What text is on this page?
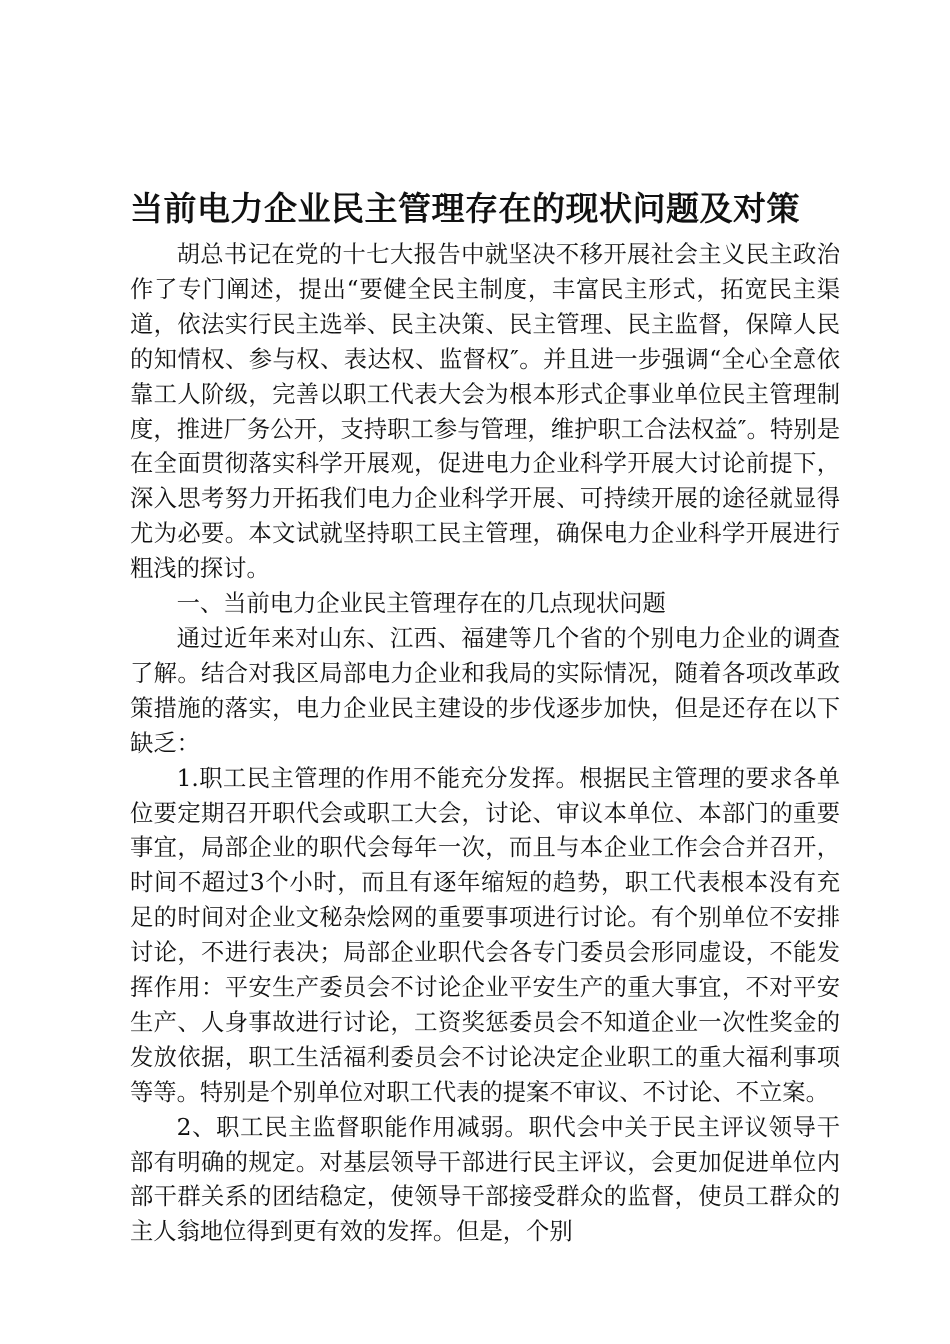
当前电力企业民主管理存在的现状问题及对策

胡总书记在党的十七大报告中就坚决不移开展社会主义民主政治作了专门阐述，提出“要健全民主制度，丰富民主形式，拓宽民主渠道，依法实行民主选举、民主决策、民主管理、民主监督，保障人民的知情权、参与权、表达权、监督权″。并且进一步强调“全心全意依靠工人阶级，完善以职工代表大会为根本形式企事业单位民主管理制度，推进厂务公开，支持职工参与管理，维护职工合法权益″。特别是在全面贯彻落实科学开展观，促进电力企业科学开展大讨论前提下，深入思考努力开拓我们电力企业科学开展、可持续开展的途径就显得尤为必要。本文试就坚持职工民主管理，确保电力企业科学开展进行粗浅的探讨。

一、当前电力企业民主管理存在的几点现状问题

通过近年来对山东、江西、福建等几个省的个别电力企业的调查了解。结合对我区局部电力企业和我局的实际情况，随着各项改革政策措施的落实，电力企业民主建设的步伐逐步加快，但是还存在以下缺乏：

1.职工民主管理的作用不能充分发挥。根据民主管理的要求各单位要定期召开职代会或职工大会，讨论、审议本单位、本部门的重要事宜，局部企业的职代会每年一次，而且与本企业工作会合并召开，时间不超过3个小时，而且有逐年缩短的趋势，职工代表根本没有充足的时间对企业文秘杂烩网的重要事项进行讨论。有个别单位不安排讨论，不进行表决；局部企业职代会各专门委员会形同虚设，不能发挥作用：平安生产委员会不讨论企业平安生产的重大事宜，不对平安生产、人身事故进行讨论，工资奖惩委员会不知道企业一次性奖金的发放依据，职工生活福利委员会不讨论决定企业职工的重大福利事项等等。特别是个别单位对职工代表的提案不审议、不讨论、不立案。

2、职工民主监督职能作用减弱。职代会中关于民主评议领导干部有明确的规定。对基层领导干部进行民主评议，会更加促进单位内部干群关系的团结稳定，使领导干部接受群众的监督，使员工群众的主人翁地位得到更有效的发挥。但是，个别
